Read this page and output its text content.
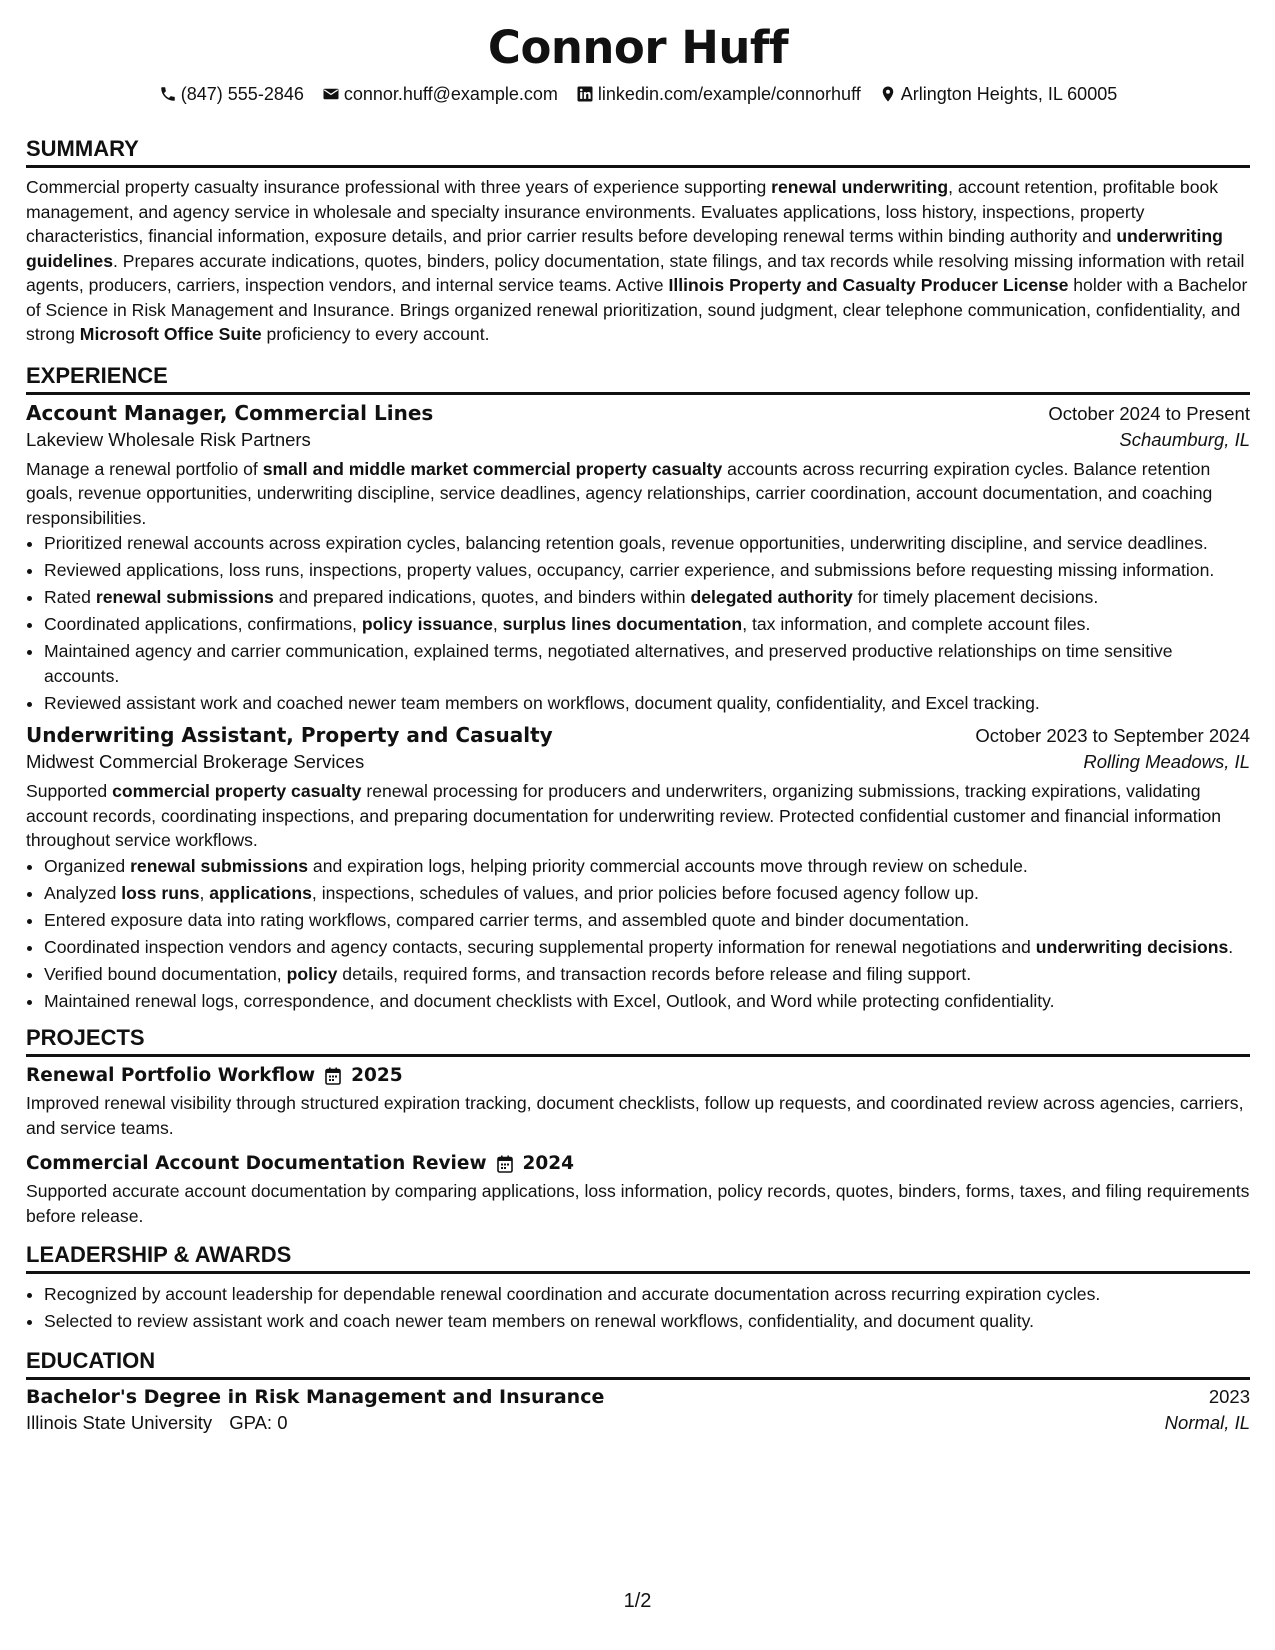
Connor Huff
(847) 555-2846 connor.huff@example.com linkedin.com/example/connorhuff Arlington Heights, IL 60005
SUMMARY

Commercial property casualty insurance professional with three years of experience supporting renewal underwriting, account retention, profitable book management, and agency service in wholesale and specialty insurance environments. Evaluates applications, loss history, inspections, property characteristics, financial information, exposure details, and prior carrier results before developing renewal terms within binding authority and underwriting guidelines. Prepares accurate indications, quotes, binders, policy documentation, state filings, and tax records while resolving missing information with retail agents, producers, carriers, inspection vendors, and internal service teams. Active Illinois Property and Casualty Producer License holder with a Bachelor of Science in Risk Management and Insurance. Brings organized renewal prioritization, sound judgment, clear telephone communication, confidentiality, and strong Microsoft Office Suite proficiency to every account.

EXPERIENCE
Account Manager, Commercial Lines	October 2024 to Present
Lakeview Wholesale Risk Partners	Schaumburg, IL

Manage a renewal portfolio of small and middle market commercial property casualty accounts across recurring expiration cycles. Balance retention goals, revenue opportunities, underwriting discipline, service deadlines, agency relationships, carrier coordination, account documentation, and coaching responsibilities.

• Prioritized renewal accounts across expiration cycles, balancing retention goals, revenue opportunities, underwriting discipline, and service deadlines.
• Reviewed applications, loss runs, inspections, property values, occupancy, carrier experience, and submissions before requesting missing information.
• Rated renewal submissions and prepared indications, quotes, and binders within delegated authority for timely placement decisions.
• Coordinated applications, confirmations, policy issuance, surplus lines documentation, tax information, and complete account files.
• Maintained agency and carrier communication, explained terms, negotiated alternatives, and preserved productive relationships on time sensitive accounts.
• Reviewed assistant work and coached newer team members on workflows, document quality, confidentiality, and Excel tracking.
Underwriting Assistant, Property and Casualty	October 2023 to September 2024
Midwest Commercial Brokerage Services	Rolling Meadows, IL

Supported commercial property casualty renewal processing for producers and underwriters, organizing submissions, tracking expirations, validating account records, coordinating inspections, and preparing documentation for underwriting review. Protected confidential customer and financial information throughout service workflows.

• Organized renewal submissions and expiration logs, helping priority commercial accounts move through review on schedule.
• Analyzed loss runs, applications, inspections, schedules of values, and prior policies before focused agency follow up.
• Entered exposure data into rating workflows, compared carrier terms, and assembled quote and binder documentation.
• Coordinated inspection vendors and agency contacts, securing supplemental property information for renewal negotiations and underwriting decisions.
• Verified bound documentation, policy details, required forms, and transaction records before release and filing support.
• Maintained renewal logs, correspondence, and document checklists with Excel, Outlook, and Word while protecting confidentiality.
PROJECTS
Renewal Portfolio Workflow 2025

Improved renewal visibility through structured expiration tracking, document checklists, follow up requests, and coordinated review across agencies, carriers, and service teams.

Commercial Account Documentation Review 2024

Supported accurate account documentation by comparing applications, loss information, policy records, quotes, binders, forms, taxes, and filing requirements before release.

LEADERSHIP & AWARDS
• Recognized by account leadership for dependable renewal coordination and accurate documentation across recurring expiration cycles.
• Selected to review assistant work and coach newer team members on renewal workflows, confidentiality, and document quality.
EDUCATION
Bachelor's Degree in Risk Management and Insurance	2023
Illinois State University GPA: 0	Normal, IL
1/2
